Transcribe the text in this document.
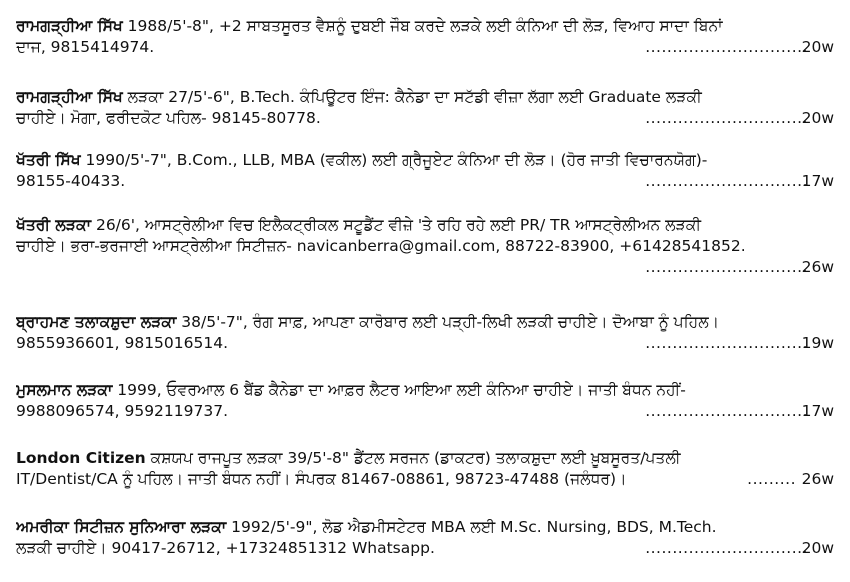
ਰਾਮਗੜ੍ਹੀਆ ਸਿੱਖ 1988/5'-8", +2 ਸਾਬਤਸੂਰਤ ਵੈਸ਼ਨੂੰ ਦੁਬਈ ਜੌਬ ਕਰਦੇ ਲੜਕੇ ਲਈ ਕੰਨਿਆ ਦੀ ਲੋੜ, ਵਿਆਹ ਸਾਦਾ ਬਿਨਾਂ
ਦਾਜ, 9815414974.	..............................
20w
ਰਾਮਗੜ੍ਹੀਆ ਸਿੱਖ ਲੜਕਾ 27/5'-6", B.Tech. ਕੰਪਿਊਟਰ ਇੰਜ: ਕੈਨੇਡਾ ਦਾ ਸਟੱਡੀ ਵੀਜ਼ਾ ਲੱਗਾ ਲਈ Graduate ਲੜਕੀ
ਚਾਹੀਏ। ਮੋਗਾ, ਫਰੀਦਕੋਟ ਪਹਿਲ- 98145-80778.	..............................
20w
ਖੱਤਰੀ ਸਿੱਖ 1990/5'-7", B.Com., LLB, MBA (ਵਕੀਲ) ਲਈ ਗ੍ਰੈਜੂਏਟ ਕੰਨਿਆ ਦੀ ਲੋੜ। (ਹੋਰ ਜਾਤੀ ਵਿਚਾਰਨਯੋਗ)-
98155-40433.	..............................
17w
ਖੱਤਰੀ ਲੜਕਾ 26/6', ਆਸਟ੍ਰੇਲੀਆ ਵਿਚ ਇਲੈਕਟ੍ਰੀਕਲ ਸਟੂਡੈਂਟ ਵੀਜ਼ੇ 'ਤੇ ਰਹਿ ਰਹੇ ਲਈ PR/ TR ਆਸਟ੍ਰੇਲੀਅਨ ਲੜਕੀ
ਚਾਹੀਏ। ਭਰਾ-ਭਰਜਾਈ ਆਸਟ੍ਰੇਲੀਆ ਸਿਟੀਜ਼ਨ- navicanberra@gmail.com, 88722-83900, +61428541852.
..............................
26w
ਬ੍ਰਾਹਮਣ ਤਲਾਕਸ਼ੁਦਾ ਲੜਕਾ 38/5'-7", ਰੰਗ ਸਾਫ਼, ਆਪਣਾ ਕਾਰੋਬਾਰ ਲਈ ਪੜ੍ਹੀ-ਲਿਖੀ ਲੜਕੀ ਚਾਹੀਏ। ਦੋਆਬਾ ਨੂੰ ਪਹਿਲ।
9855936601, 9815016514.	..............................
19w
ਮੁਸਲਮਾਨ ਲੜਕਾ 1999, ਓਵਰਆਲ 6 ਬੈਂਡ ਕੈਨੇਡਾ ਦਾ ਆਫ਼ਰ ਲੈਟਰ ਆਇਆ ਲਈ ਕੰਨਿਆ ਚਾਹੀਏ। ਜਾਤੀ ਬੰਧਨ ਨਹੀਂ-
9988096574, 9592119737.	..............................
17w
London Citizen ਕਸ਼ਯਪ ਰਾਜਪੂਤ ਲੜਕਾ 39/5'-8" ਡੈਂਟਲ ਸਰਜਨ (ਡਾਕਟਰ) ਤਲਾਕਸ਼ੁਦਾ ਲਈ ਖ਼ੂਬਸੂਰਤ/ਪਤਲੀ
IT/Dentist/CA ਨੂੰ ਪਹਿਲ। ਜਾਤੀ ਬੰਧਨ ਨਹੀਂ। ਸੰਪਰਕ 81467-08861, 98723-47488 (ਜਲੰਧਰ)।	......... 26w
ਅਮਰੀਕਾ ਸਿਟੀਜ਼ਨ ਸੁਨਿਆਰਾ ਲੜਕਾ 1992/5'-9", ਲੋਡ ਐਡਮੀਸਟੇਟਰ MBA ਲਈ M.Sc. Nursing, BDS, M.Tech.
ਲੜਕੀ ਚਾਹੀਏ। 90417-26712, +17324851312 Whatsapp.	..............................
20w
